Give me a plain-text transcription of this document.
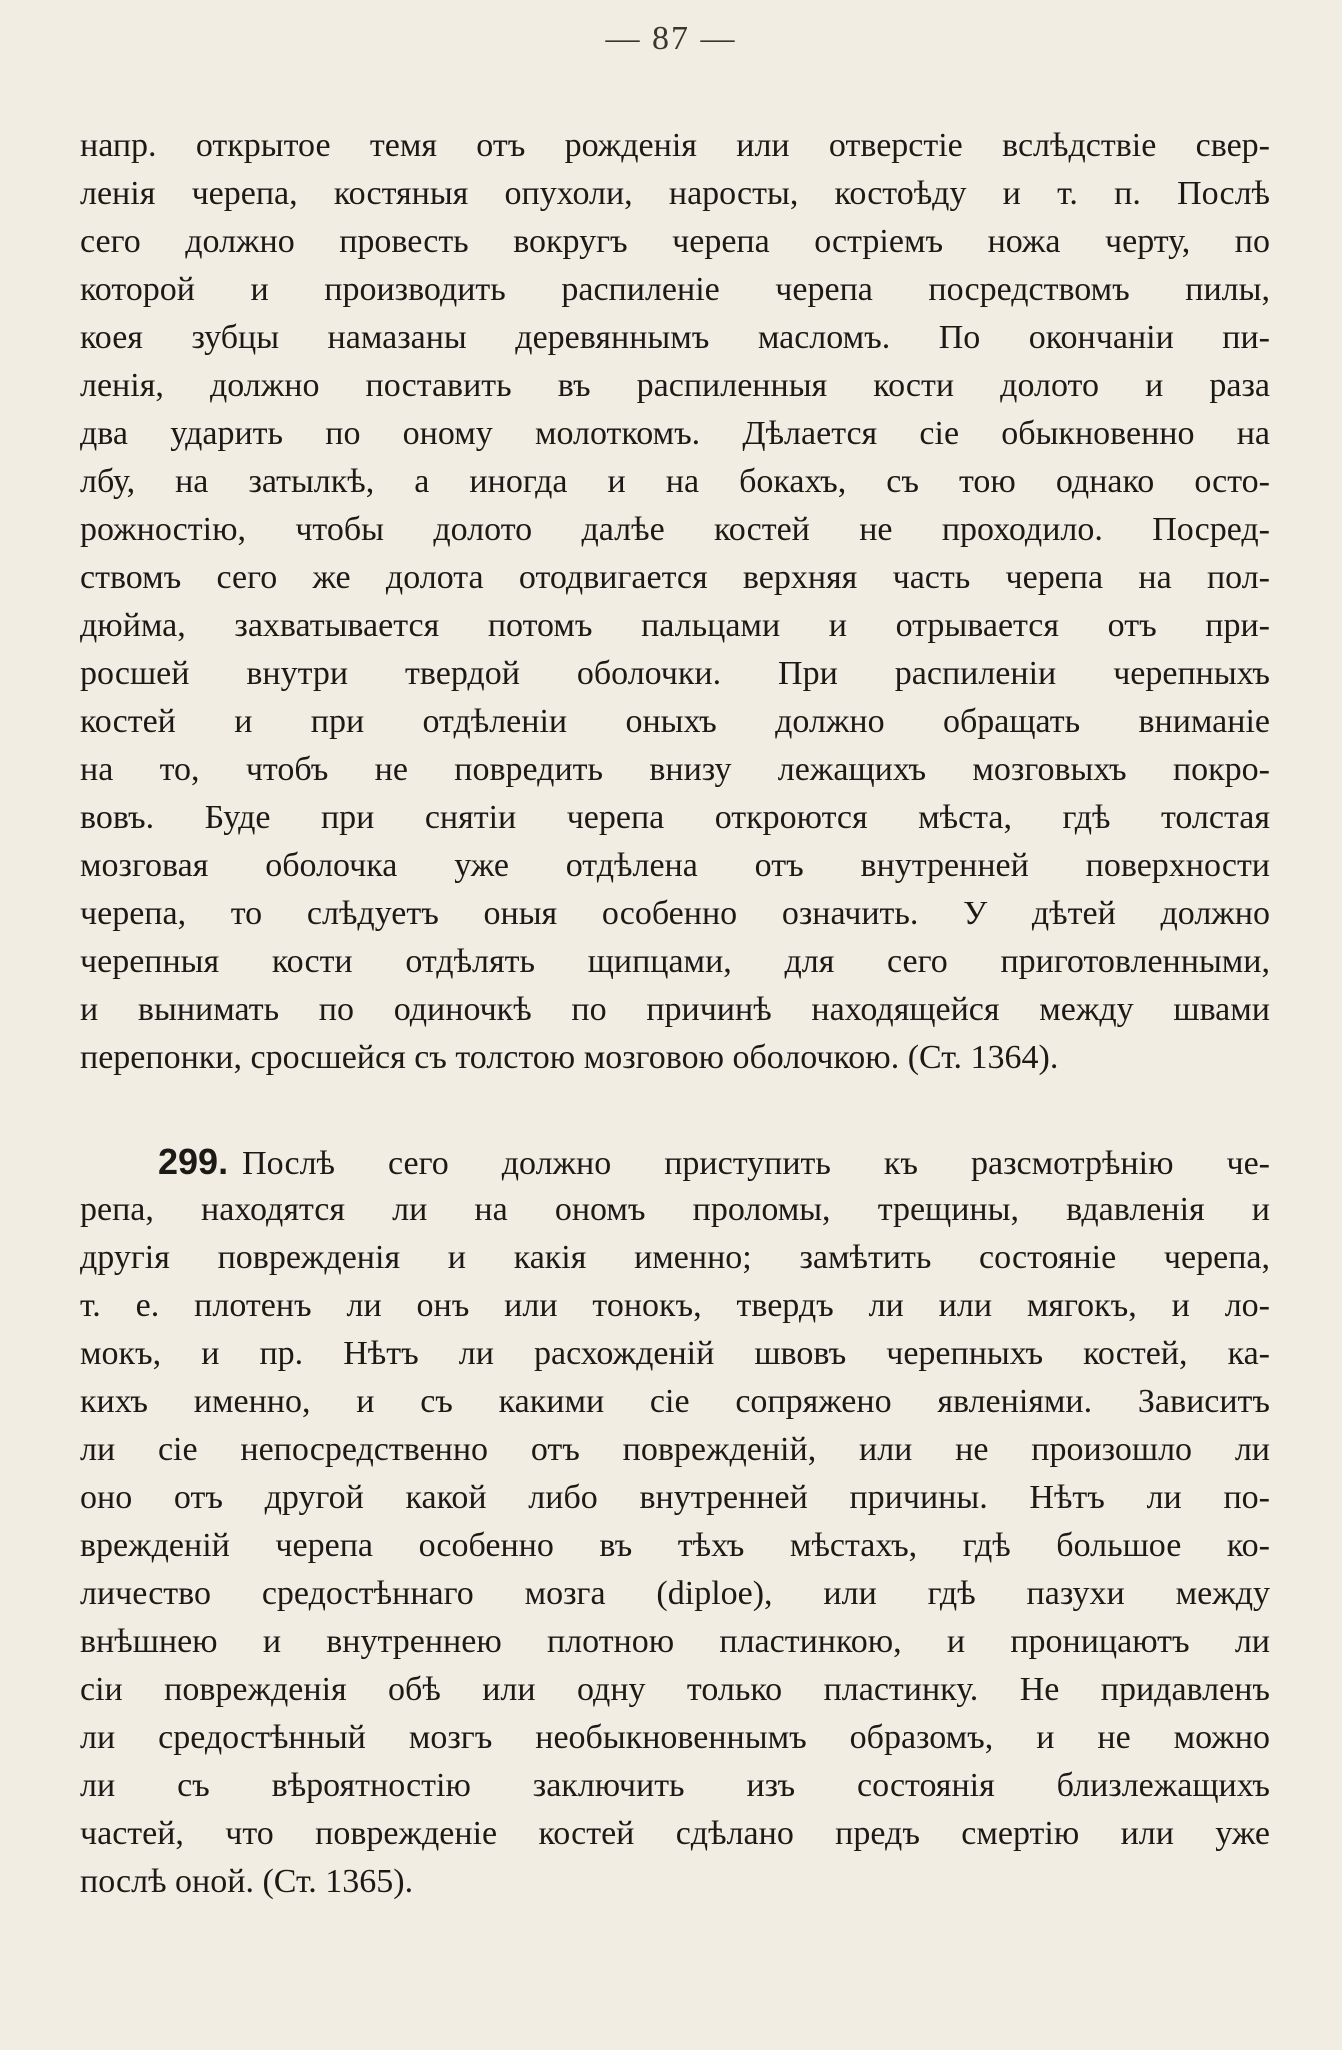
— 87 —
напр. открытое темя отъ рожденія или отверстіе вслѣдствіе свер-
ленія черепа, костяныя опухоли, наросты, костоѣду и т. п. Послѣ
сего должно провесть вокругъ черепа остріемъ ножа черту, по
которой и производить распиленіе черепа посредствомъ пилы,
коея зубцы намазаны деревяннымъ масломъ. По окончаніи пи-
ленія, должно поставить въ распиленныя кости долото и раза
два ударить по оному молоткомъ. Дѣлается сіе обыкновенно на
лбу, на затылкѣ, а иногда и на бокахъ, съ тою однако осто-
рожностію, чтобы долото далѣе костей не проходило. Посред-
ствомъ сего же долота отодвигается верхняя часть черепа на пол-
дюйма, захватывается потомъ пальцами и отрывается отъ при-
росшей внутри твердой оболочки. При распиленіи черепныхъ
костей и при отдѣленіи оныхъ должно обращать вниманіе
на то, чтобъ не повредить внизу лежащихъ мозговыхъ покро-
вовъ. Буде при снятіи черепа откроются мѣста, гдѣ толстая
мозговая оболочка уже отдѣлена отъ внутренней поверхности
черепа, то слѣдуетъ оныя особенно означить. У дѣтей должно
черепныя кости отдѣлять щипцами, для сего приготовленными,
и вынимать по одиночкѣ по причинѣ находящейся между швами
перепонки, сросшейся съ толстою мозговою оболочкою. (Ст. 1364).
299. Послѣ сего должно приступить къ разсмотрѣнію че-
репа, находятся ли на ономъ проломы, трещины, вдавленія и
другія поврежденія и какія именно; замѣтить состояніе черепа,
т. е. плотенъ ли онъ или тонокъ, твердъ ли или мягокъ, и ло-
мокъ, и пр. Нѣтъ ли расхожденій швовъ черепныхъ костей, ка-
кихъ именно, и съ какими сіе сопряжено явленіями. Зависитъ
ли сіе непосредственно отъ поврежденій, или не произошло ли
оно отъ другой какой либо внутренней причины. Нѣтъ ли по-
врежденій черепа особенно въ тѣхъ мѣстахъ, гдѣ большое ко-
личество средостѣннаго мозга (diploe), или гдѣ пазухи между
внѣшнею и внутреннею плотною пластинкою, и проницаютъ ли
сіи поврежденія обѣ или одну только пластинку. Не придавленъ
ли средостѣнный мозгъ необыкновеннымъ образомъ, и не можно
ли съ вѣроятностію заключить изъ состоянія близлежащихъ
частей, что поврежденіе костей сдѣлано предъ смертію или уже
послѣ оной. (Ст. 1365).
